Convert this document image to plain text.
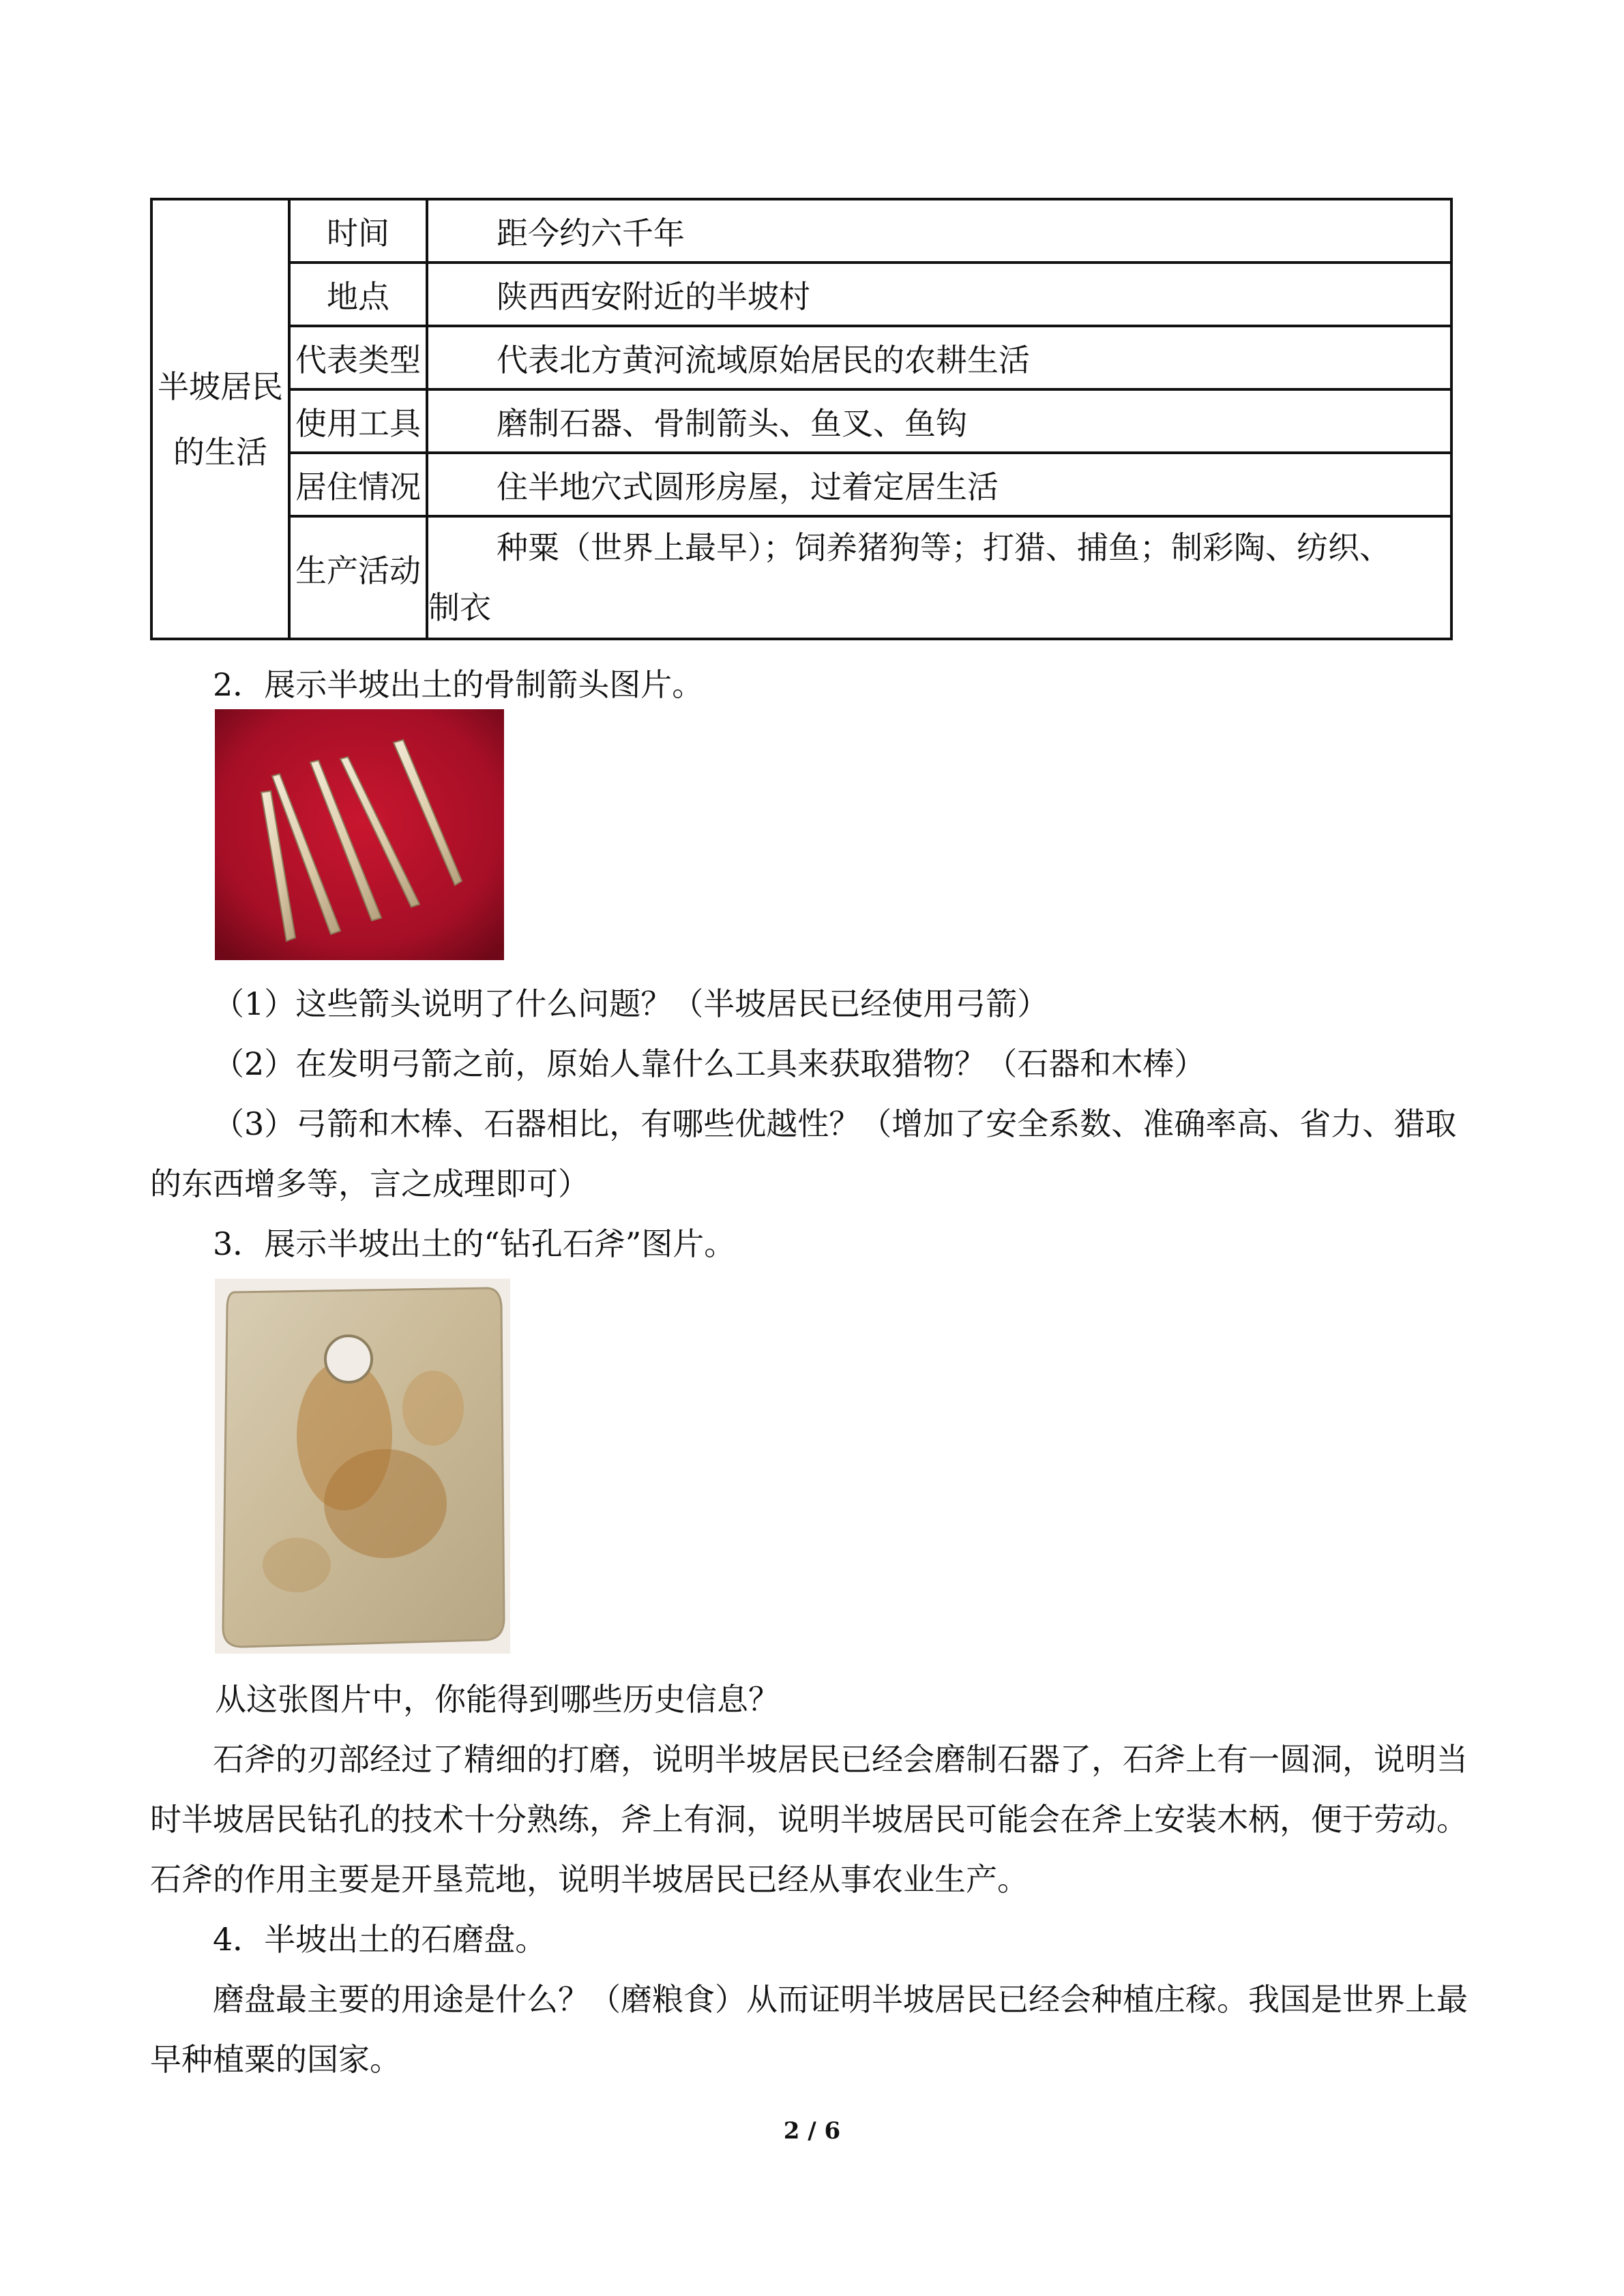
半坡居民
的生活	时间	距今约六千年
	地点	陕西西安附近的半坡村
	代表类型	代表北方黄河流域原始居民的农耕生活
	使用工具	磨制石器、骨制箭头、鱼叉、鱼钩
	居住情况	住半地穴式圆形房屋，过着定居生活
	生产活动	种粟（世界上最早）；饲养猪狗等；打猎、捕鱼；制彩陶、纺织、
制衣

2．展示半坡出土的骨制箭头图片。

（1）这些箭头说明了什么问题？（半坡居民已经使用弓箭）

（2）在发明弓箭之前，原始人靠什么工具来获取猎物？（石器和木棒）

（3）弓箭和木棒、石器相比，有哪些优越性？（增加了安全系数、准确率高、省力、猎取的东西增多等，言之成理即可）

3．展示半坡出土的“钻孔石斧”图片。

从这张图片中，你能得到哪些历史信息？

石斧的刃部经过了精细的打磨，说明半坡居民已经会磨制石器了，石斧上有一圆洞，说明当时半坡居民钻孔的技术十分熟练，斧上有洞，说明半坡居民可能会在斧上安装木柄，便于劳动。石斧的作用主要是开垦荒地，说明半坡居民已经从事农业生产。

4．半坡出土的石磨盘。

磨盘最主要的用途是什么？（磨粮食）从而证明半坡居民已经会种植庄稼。我国是世界上最早种植粟的国家。

2 / 6
